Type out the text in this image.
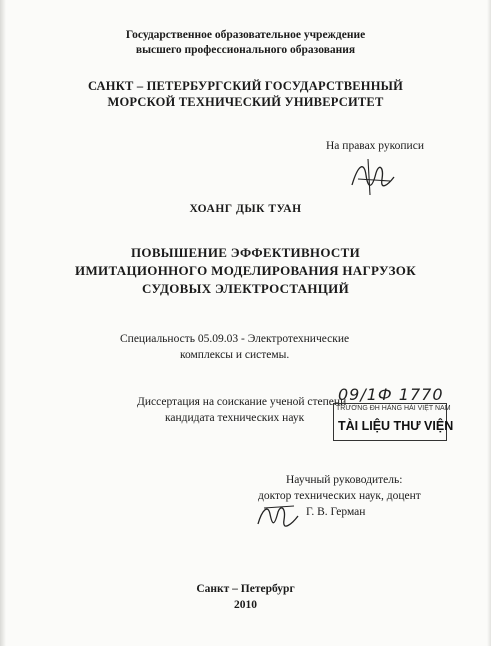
Государственное образовательное учреждение
высшего профессионального образования
САНКТ – ПЕТЕРБУРГСКИЙ ГОСУДАРСТВЕННЫЙ
МОРСКОЙ ТЕХНИЧЕСКИЙ УНИВЕРСИТЕТ
На правах рукописи
ХОАНГ ДЫК ТУАН
ПОВЫШЕНИЕ ЭФФЕКТИВНОСТИ
ИМИТАЦИОННОГО МОДЕЛИРОВАНИЯ НАГРУЗОК
СУДОВЫХ ЭЛЕКТРОСТАНЦИЙ
Специальность 05.09.03 - Электротехнические
комплексы и системы.
Диссертация на соискание ученой степени
кандидата технических наук
09/1Ф 1770
TRƯỜNG ĐH HÀNG HẢI VIỆT NAM
TÀI LIỆU THƯ VIỆN
Научный руководитель:
доктор технических наук, доцент
Г. В. Герман
Санкт – Петербург
2010
